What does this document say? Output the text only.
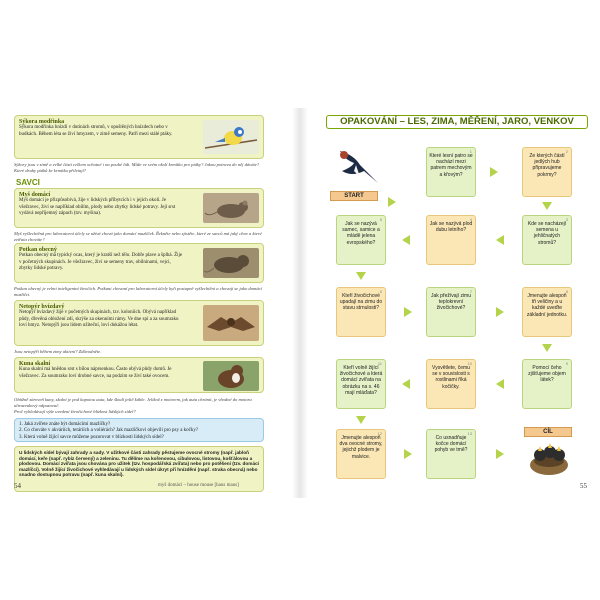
Sýkora modřinka
Sýkora modřinka hnízdí v dutinách stromů, v opuštěných hnízdech nebo v budkách. Během léta se živí hmyzem, v zimě semeny. Patří mezi stálé ptáky.
Sýkory jsou v zimě a velké části celkem ochotné i na pouhé lidi. Může ve svém okolí krmítko pro ptáky? Jakou potravu do něj dáváte? Které druhy ptáků ke krmítku přiletují?
SAVCI
Myš domácí
Myš domácí je přizpůsobivá, žije v lidských příbytcích i v jejich okolí. Je všežravec, živí se například obilím, plody nebo zbytky lidské potravy. Její srst vydává nepříjemný zápach (tzv. myšina).
Myš vyšlechtěná pro laboratorní účely se užívá chová jako domácí mazlíček. Řekněte nebo zjistěte, které ze savců má jaký chov a které zvířata chováte?
Potkan obecný
Potkan obecný má typický ocas, který je kratší než tělo. Dobře plave a šplhá. Žije v početných skupinách. Je všežravec, živí se semeny trav, obilninami, vejci, zbytky lidské potravy.
Potkan obecný je velmi inteligentní živočich. Potkani chovaní pro laboratorní účely byli postupně vyšlechtěni a chovají se jako domácí mazlíčci.
Netopýr hvízdavý
Netopýr hvízdavý žije v početných skupinách, tzv. koloniích. Obývá například půdy, dřevěná obložení zdí, skrýše za okenními rámy. Ve dne spí a za soumraku loví hmyz. Netopýři jsou lidem užiteční, loví dokážou létat.
Jsou netopýři během zimy aktivní? Zdůvodněte.
Kuna skalní
Kuna skalní má hnědou srst s bílou náprsenkou. Často obývá půdy domů. Je všežravec. Za soumraku loví drobné savce, na podzim se živí také ovocem.
Obtížně zároveň kuny, skalní je pod kapotou auta, kde škodí ještě káble. Jelikož z motorem, jak auta chránit, je vhodné do motoru ultrazvukový odpuzovač.
Proč vyhledávají výše uvedení živočichové blízkost lidských sídel?
1. Jaká zvířete znáte být domácími mazlíčky?
2. Co chováte v akváriích, teráriích a voliérách? Jak mazlíčkovi objevili pro psy a kočky?
3. Která volně žijící savce můžeme pozorovat v blízkosti lidských sídel?
U lidských sídel bývají zahrady a sady. V užitkové části zahrady pěstujeme ovocné stromy (např. jabloň domácí, keře (např. rybíz červený) a zeleninu. Tu dělíme na kořenovou, cibulovou, listovou, košťálovou a plodovou. Domácí zvířata jsou chována pro užitek (tzv. hospodářská zvířata) nebo pro potěšení (tzv. domácí mazlíčci). Volně žijící živočichové vyhledávají u lidských sídel úkryt při hnízdění (např. straka obecná) nebo snadno dostupnou potravu (např. kuna skalní).
54	myš domácí – house mouse [haus maus]
OPAKOVÁNÍ – LES, ZIMA, MĚŘENÍ, JARO, VENKOV
START
1
Které lesní patro se nachází mezi patrem mechovým a křovým?
2
Ze kterých částí jedlých hub připravujeme pokrmy?
5
Jak se nazývá samec, samice a mládě jelena evropského?
4
Jak se nazývá plod dubu letního?
3
Kde se nacházejí semena u jehličnatých stromů?
6
Kteří živočichové upadají na zimu do stavu strnulosti?
7
Jak přežívají zimu teplokrevní živočichové?
8
Jmenujte alespoň tři veličiny a u každé uveďte základní jednotku.
11
Kteří volně žijící živočichové a která domácí zvířata na obrázku na s. 46 mají mláďata?
10
Vysvětlete, čemu se v souvislosti s rostlinami říká kočičky.
9
Pomocí čeho zjišťujeme objem látek?
12
Jmenujte alespoň dva ovocné stromy, jejichž plodem je malvice.
13
Co usnadňuje kočce domácí pohyb ve tmě?
CÍL
55
